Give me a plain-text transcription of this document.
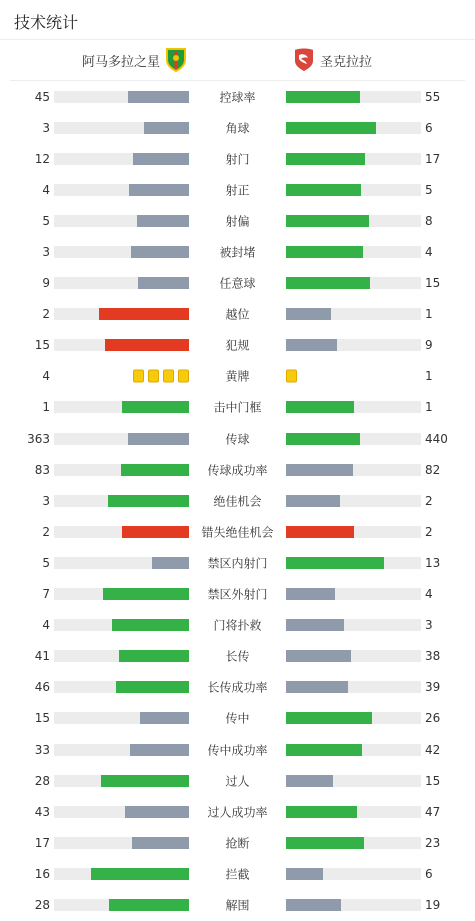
技术统计
阿马多拉之星	圣克拉拉
45	控球率	55
3	角球	6
12	射门	17
4	射正	5
5	射偏	8
3	被封堵	4
9	任意球	15
2	越位	1
15	犯规	9
4	黄牌	1
1	击中门框	1
363	传球	440
83	传球成功率	82
3	绝佳机会	2
2	错失绝佳机会	2
5	禁区内射门	13
7	禁区外射门	4
4	门将扑救	3
41	长传	38
46	长传成功率	39
15	传中	26
33	传中成功率	42
28	过人	15
43	过人成功率	47
17	抢断	23
16	拦截	6
28	解围	19
